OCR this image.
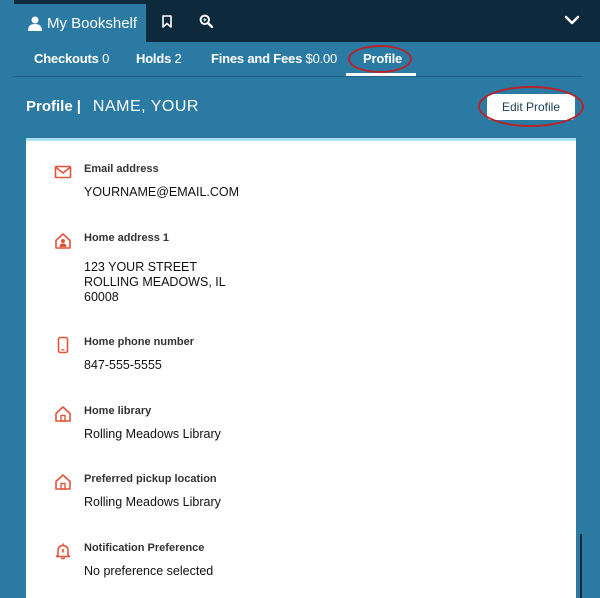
My Bookshelf
Checkouts 0 Holds 2 Fines and Fees $0.00 Profile
Profile | NAME, YOUR	Edit Profile
Email address
YOURNAME@EMAIL.COM
Home address 1
123 YOUR STREET
ROLLING MEADOWS, IL
60008
Home phone number
847-555-5555
Home library
Rolling Meadows Library
Preferred pickup location
Rolling Meadows Library
Notification Preference
No preference selected
